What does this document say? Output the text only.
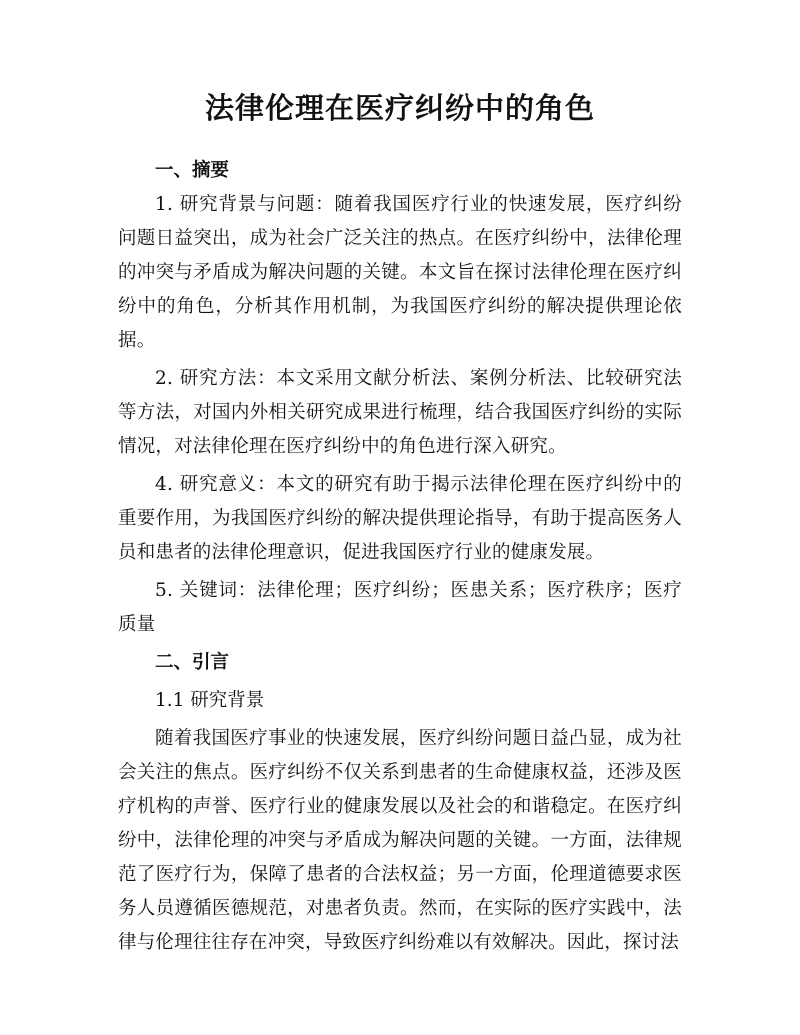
法律伦理在医疗纠纷中的角色
一、摘要

1. 研究背景与问题：随着我国医疗行业的快速发展，医疗纠纷问题日益突出，成为社会广泛关注的热点。在医疗纠纷中，法律伦理的冲突与矛盾成为解决问题的关键。本文旨在探讨法律伦理在医疗纠纷中的角色，分析其作用机制，为我国医疗纠纷的解决提供理论依据。

2. 研究方法：本文采用文献分析法、案例分析法、比较研究法等方法，对国内外相关研究成果进行梳理，结合我国医疗纠纷的实际情况，对法律伦理在医疗纠纷中的角色进行深入研究。

4. 研究意义：本文的研究有助于揭示法律伦理在医疗纠纷中的重要作用，为我国医疗纠纷的解决提供理论指导，有助于提高医务人员和患者的法律伦理意识，促进我国医疗行业的健康发展。

5. 关键词：法律伦理；医疗纠纷；医患关系；医疗秩序；医疗质量

二、引言
1.1 研究背景

随着我国医疗事业的快速发展，医疗纠纷问题日益凸显，成为社会关注的焦点。医疗纠纷不仅关系到患者的生命健康权益，还涉及医疗机构的声誉、医疗行业的健康发展以及社会的和谐稳定。在医疗纠纷中，法律伦理的冲突与矛盾成为解决问题的关键。一方面，法律规范了医疗行为，保障了患者的合法权益；另一方面，伦理道德要求医务人员遵循医德规范，对患者负责。然而，在实际的医疗实践中，法律与伦理往往存在冲突，导致医疗纠纷难以有效解决。因此，探讨法
